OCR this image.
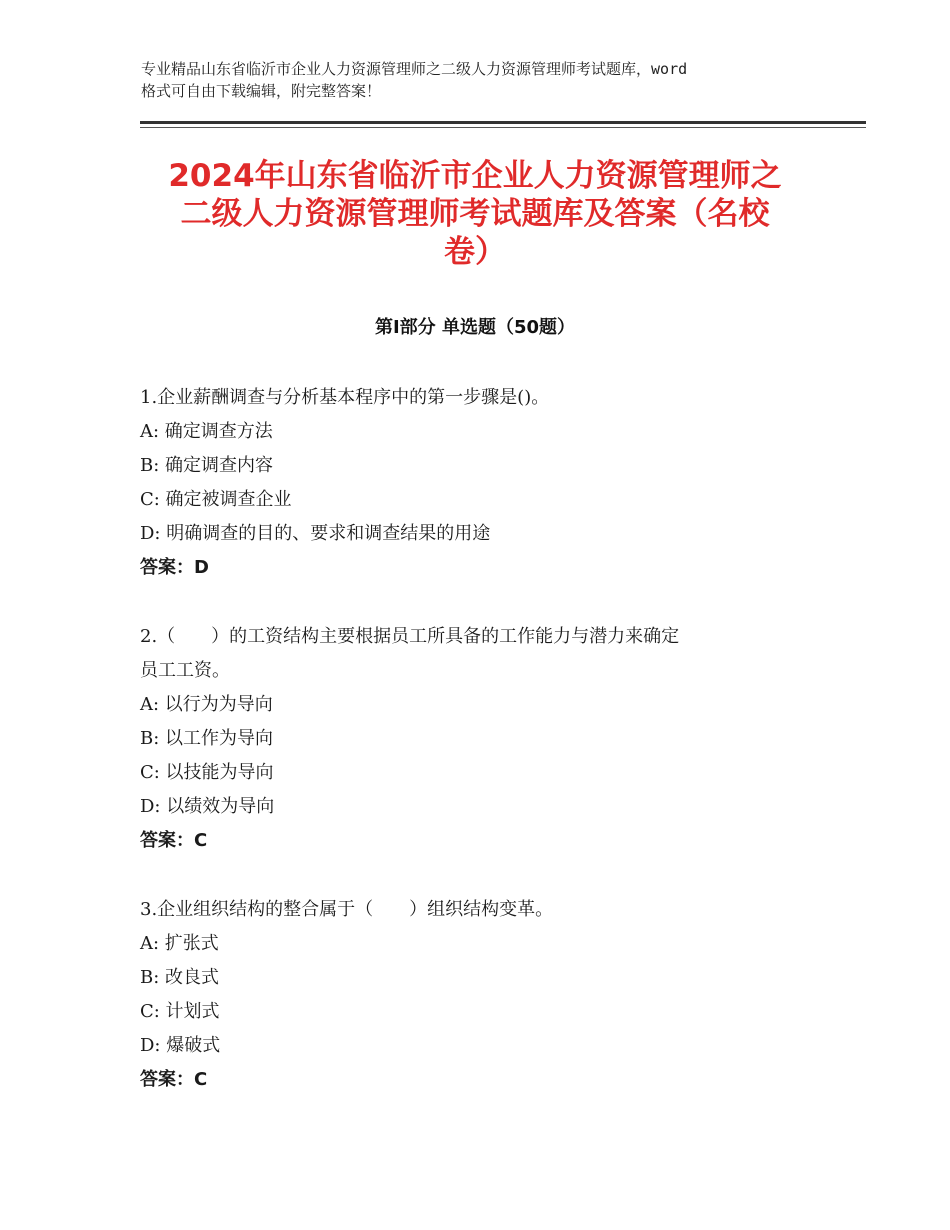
专业精品山东省临沂市企业人力资源管理师之二级人力资源管理师考试题库，word
格式可自由下载编辑，附完整答案！
2024年山东省临沂市企业人力资源管理师之
二级人力资源管理师考试题库及答案（名校
卷）
第Ⅰ部分 单选题（50题）
1.企业薪酬调查与分析基本程序中的第一步骤是()。
A: 确定调查方法
B: 确定调查内容
C: 确定被调查企业
D: 明确调查的目的、要求和调查结果的用途
答案：D
2.（　　）的工资结构主要根据员工所具备的工作能力与潜力来确定
员工工资。
A: 以行为为导向
B: 以工作为导向
C: 以技能为导向
D: 以绩效为导向
答案：C
3.企业组织结构的整合属于（　　）组织结构变革。
A: 扩张式
B: 改良式
C: 计划式
D: 爆破式
答案：C
